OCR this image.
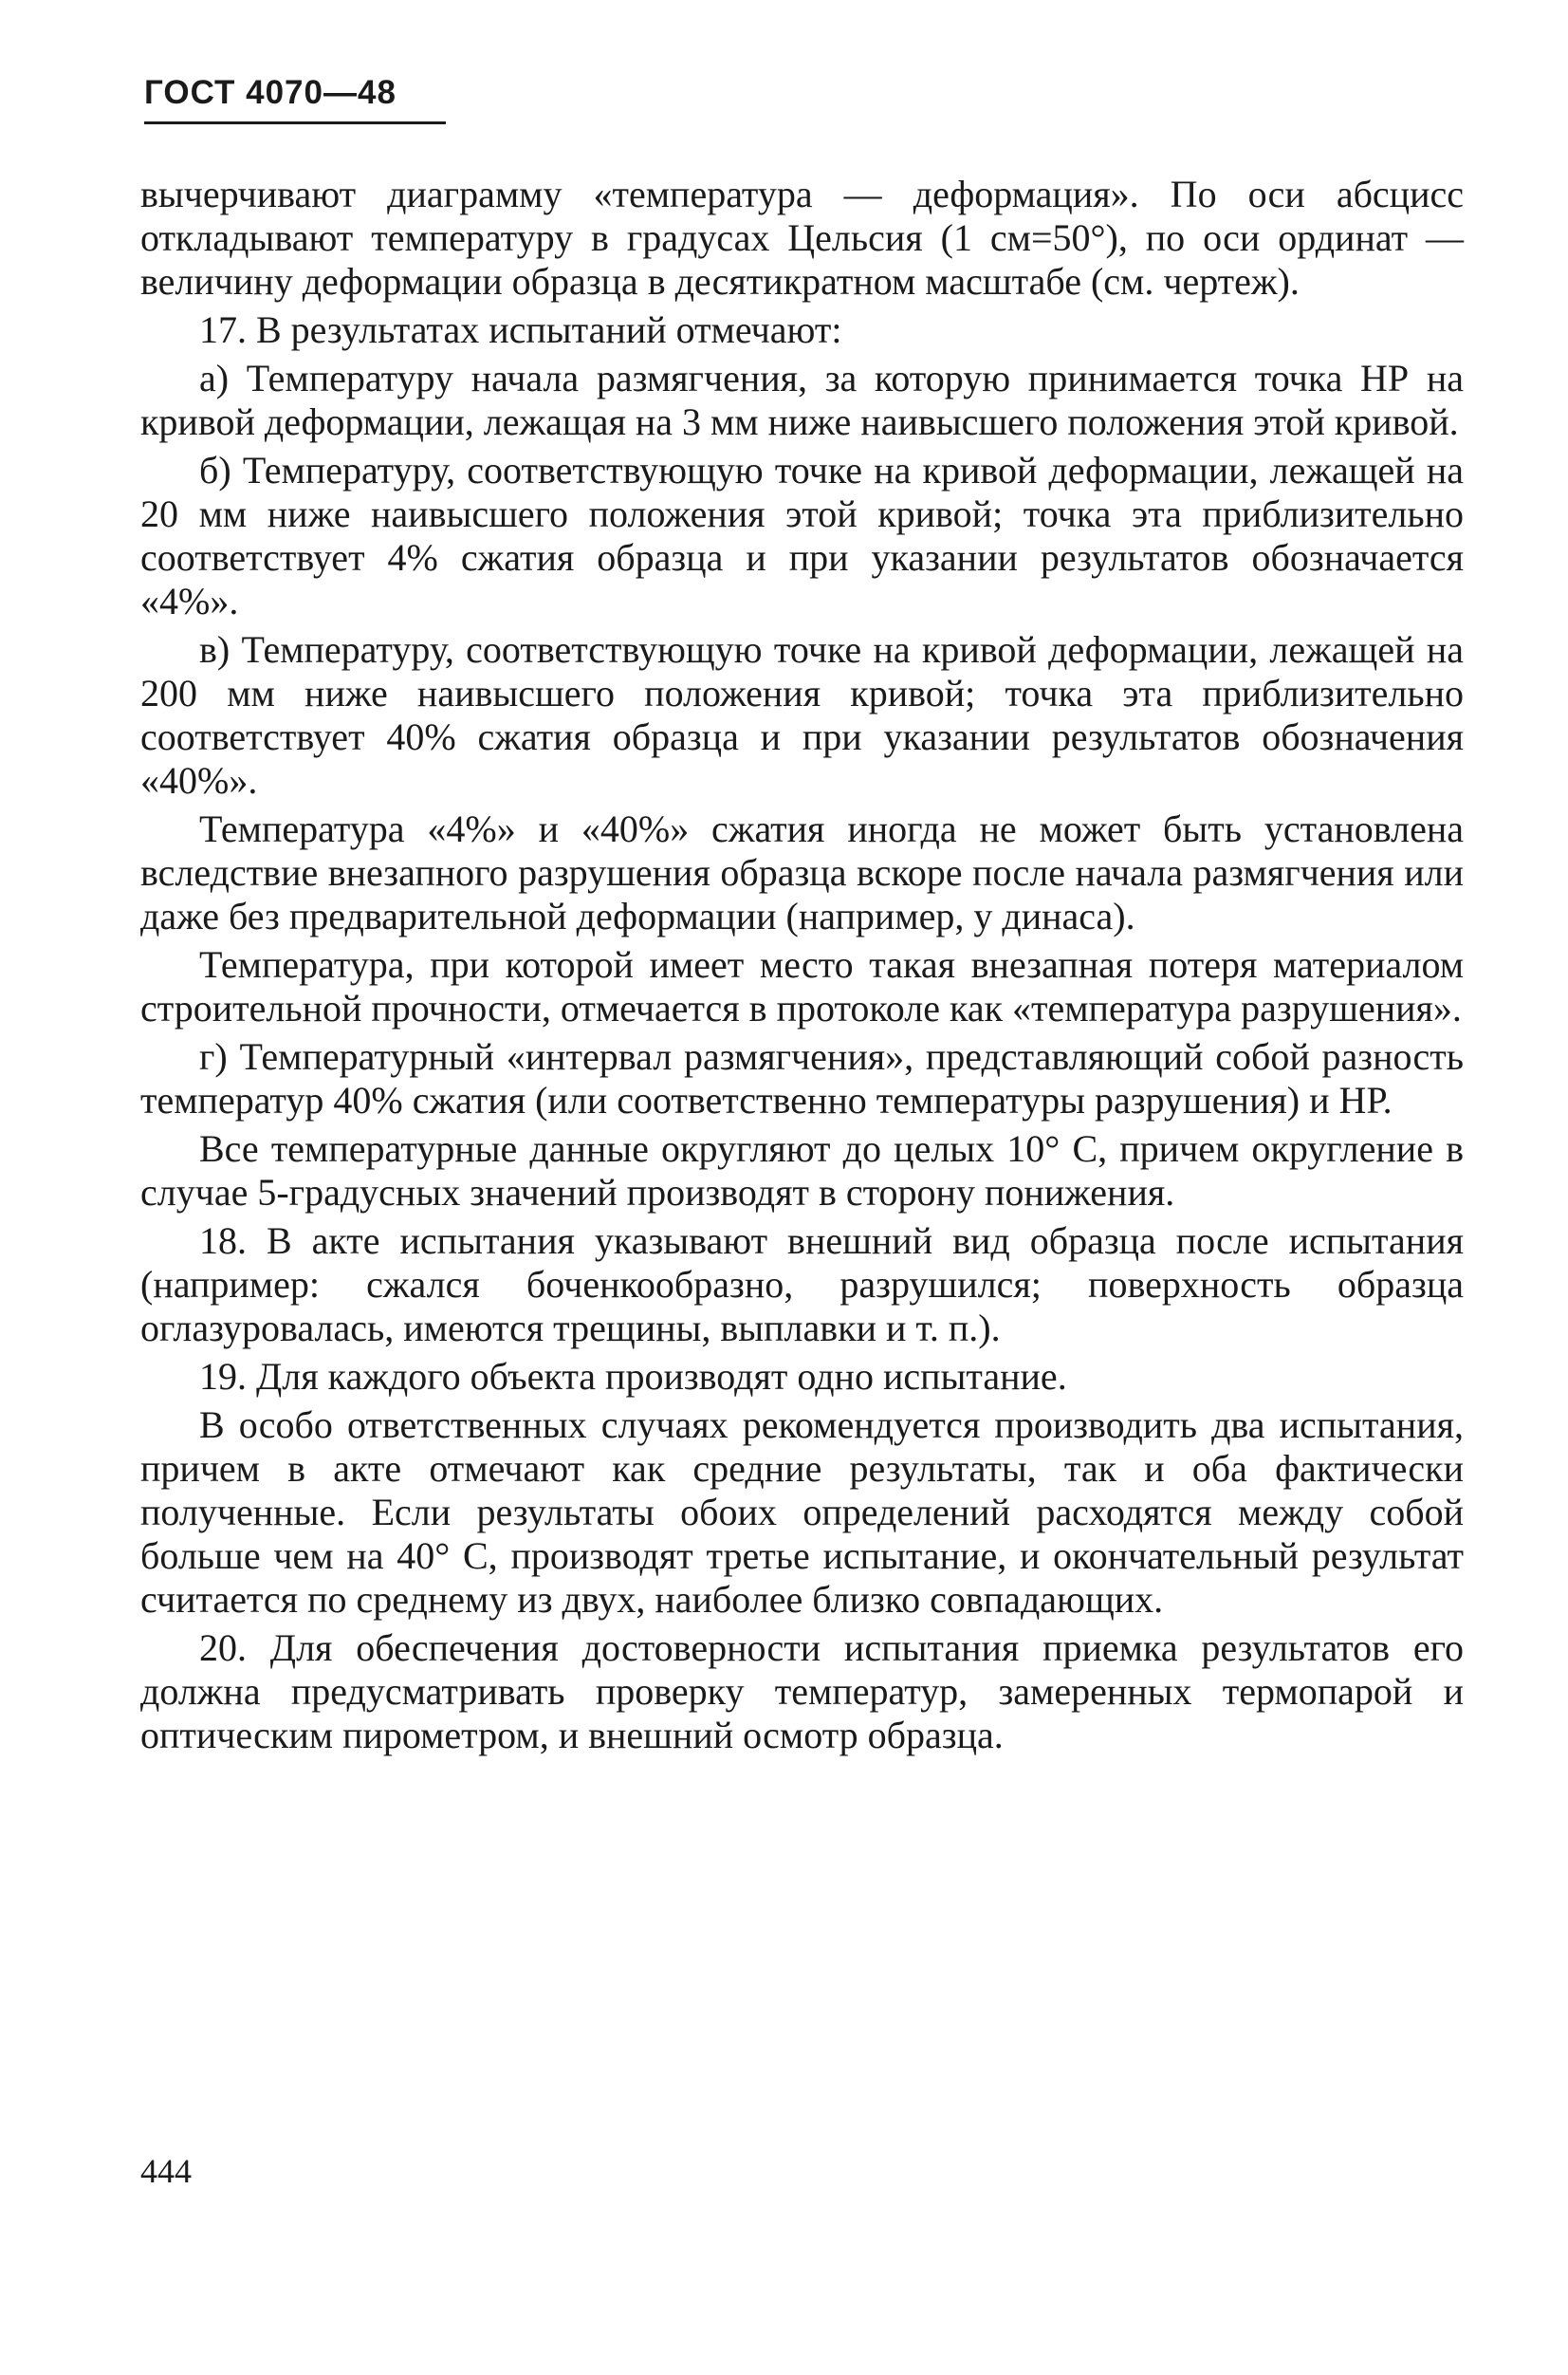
ГОСТ 4070—48

вычерчивают диаграмму «температура — деформация». По оси абсцисс откладывают температуру в градусах Цельсия (1 см=50°), по оси ординат — величину деформации образца в десятикратном масштабе (см. чертеж).

17. В результатах испытаний отмечают:

а) Температуру начала размягчения, за которую принимается точка НР на кривой деформации, лежащая на 3 мм ниже наивысшего положения этой кривой.

б) Температуру, соответствующую точке на кривой деформации, лежащей на 20 мм ниже наивысшего положения этой кривой; точка эта приблизительно соответствует 4% сжатия образца и при указании результатов обозначается «4%».

в) Температуру, соответствующую точке на кривой деформации, лежащей на 200 мм ниже наивысшего положения кривой; точка эта приблизительно соответствует 40% сжатия образца и при указании результатов обозначения «40%».

Температура «4%» и «40%» сжатия иногда не может быть установлена вследствие внезапного разрушения образца вскоре после начала размягчения или даже без предварительной деформации (например, у динаса).

Температура, при которой имеет место такая внезапная потеря материалом строительной прочности, отмечается в протоколе как «температура разрушения».

г) Температурный «интервал размягчения», представляющий собой разность температур 40% сжатия (или соответственно температуры разрушения) и НР.

Все температурные данные округляют до целых 10° С, причем округление в случае 5-градусных значений производят в сторону понижения.

18. В акте испытания указывают внешний вид образца после испытания (например: сжался боченкообразно, разрушился; поверхность образца оглазуровалась, имеются трещины, выплавки и т. п.).

19. Для каждого объекта производят одно испытание.

В особо ответственных случаях рекомендуется производить два испытания, причем в акте отмечают как средние результаты, так и оба фактически полученные. Если результаты обоих определений расходятся между собой больше чем на 40° С, производят третье испытание, и окончательный результат считается по среднему из двух, наиболее близко совпадающих.

20. Для обеспечения достоверности испытания приемка результатов его должна предусматривать проверку температур, замеренных термопарой и оптическим пирометром, и внешний осмотр образца.

444
